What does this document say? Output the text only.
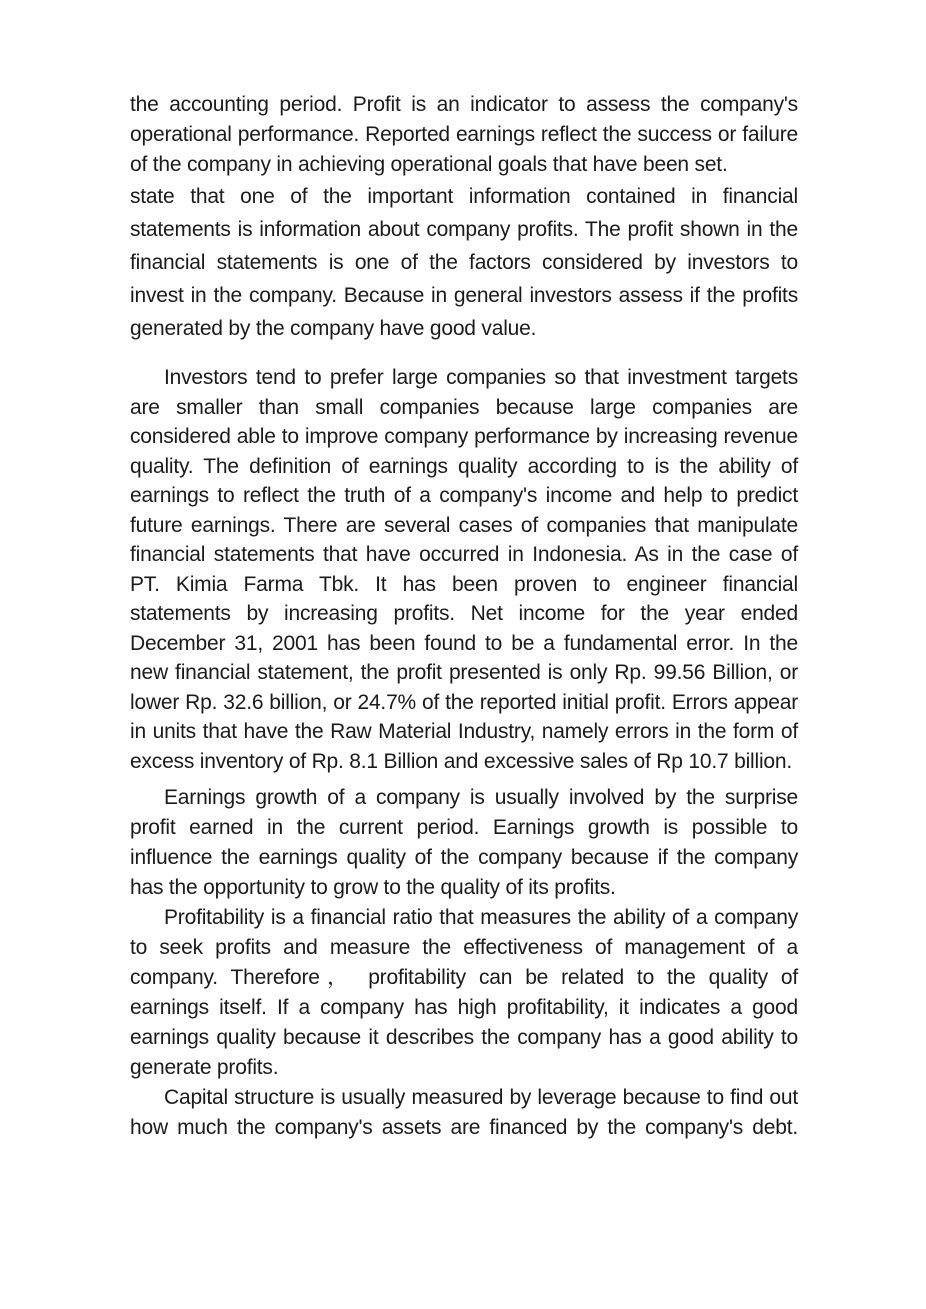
the accounting period. Profit is an indicator to assess the company's operational performance. Reported earnings reflect the success or failure of the company in achieving operational goals that have been set.

state that one of the important information contained in financial statements is information about company profits. The profit shown in the financial statements is one of the factors considered by investors to invest in the company. Because in general investors assess if the profits generated by the company have good value.

Investors tend to prefer large companies so that investment targets are smaller than small companies because large companies are considered able to improve company performance by increasing revenue quality. The definition of earnings quality according to is the ability of earnings to reflect the truth of a company's income and help to predict future earnings. There are several cases of companies that manipulate financial statements that have occurred in Indonesia. As in the case of PT. Kimia Farma Tbk. It has been proven to engineer financial statements by increasing profits. Net income for the year ended December 31, 2001 has been found to be a fundamental error. In the new financial statement, the profit presented is only Rp. 99.56 Billion, or lower Rp. 32.6 billion, or 24.7% of the reported initial profit. Errors appear in units that have the Raw Material Industry, namely errors in the form of excess inventory of Rp. 8.1 Billion and excessive sales of Rp 10.7 billion.

Earnings growth of a company is usually involved by the surprise profit earned in the current period. Earnings growth is possible to influence the earnings quality of the company because if the company has the opportunity to grow to the quality of its profits.

Profitability is a financial ratio that measures the ability of a company to seek profits and measure the effectiveness of management of a company. Therefore， profitability can be related to the quality of earnings itself. If a company has high profitability, it indicates a good earnings quality because it describes the company has a good ability to generate profits.

Capital structure is usually measured by leverage because to find out how much the company's assets are financed by the company's debt.
